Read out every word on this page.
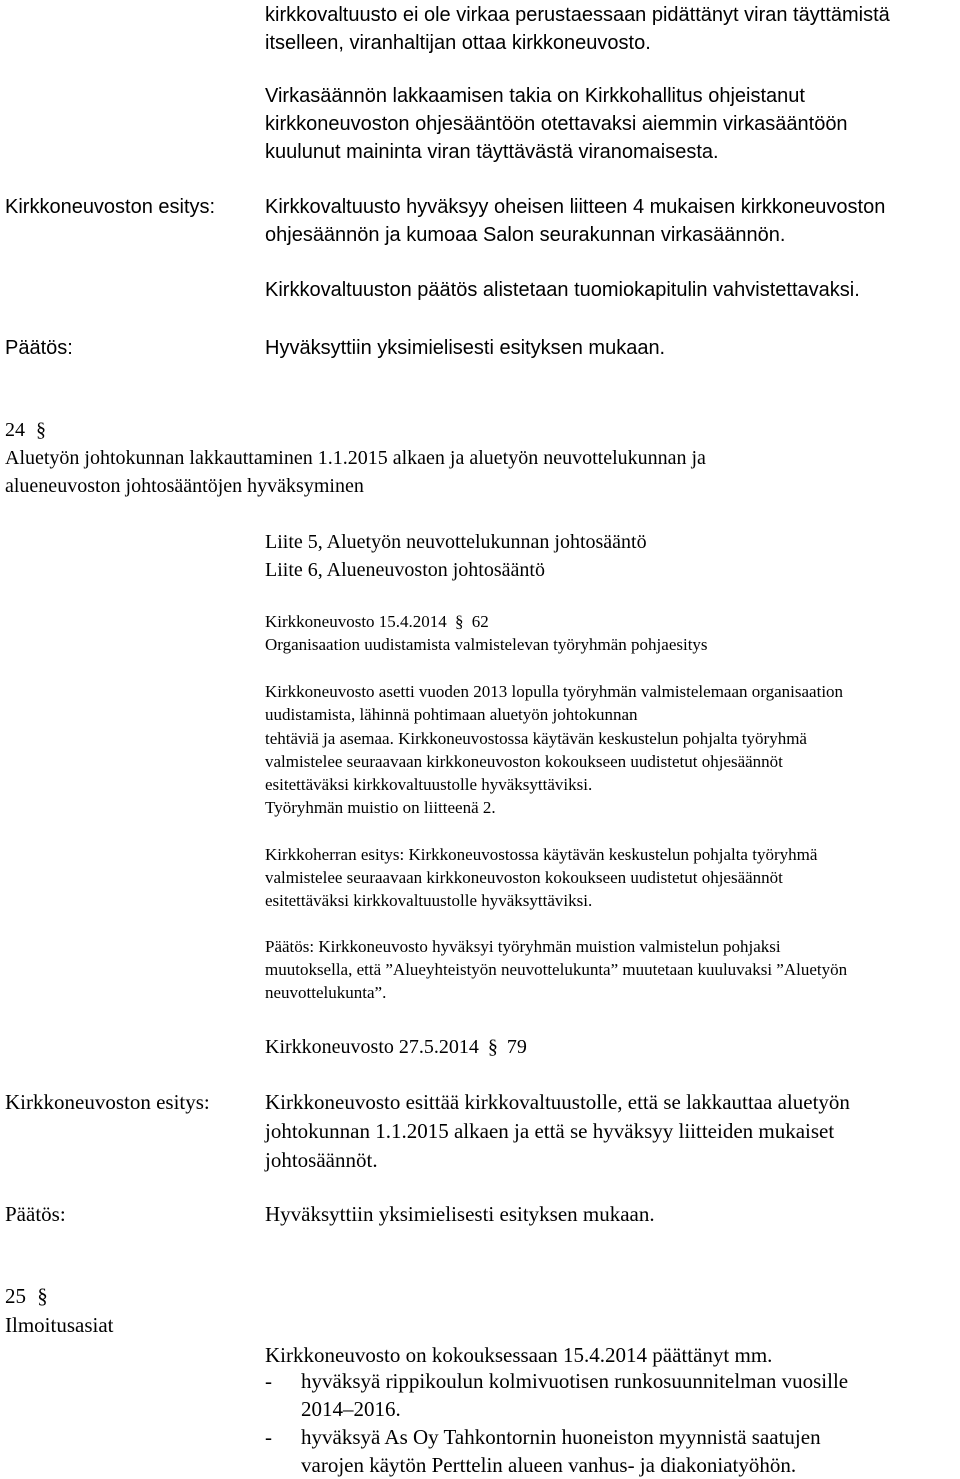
kirkkovaltuusto ei ole virkaa perustaessaan pidättänyt viran täyttämistä
itselleen, viranhaltijan ottaa kirkkoneuvosto.
Virkasäännön lakkaamisen takia on Kirkkohallitus ohjeistanut
kirkkoneuvoston ohjesääntöön otettavaksi aiemmin virkasääntöön
kuulunut maininta viran täyttävästä viranomaisesta.
Kirkkoneuvoston esitys: Kirkkovaltuusto hyväksyy oheisen liitteen 4 mukaisen kirkkoneuvoston
ohjesäännön ja kumoaa Salon seurakunnan virkasäännön.
Kirkkovaltuuston päätös alistetaan tuomiokapitulin vahvistettavaksi.
Päätös:	Hyväksyttiin yksimielisesti esityksen mukaan.
24 §
Aluetyön johtokunnan lakkauttaminen 1.1.2015 alkaen ja aluetyön neuvottelukunnan ja
alueneuvoston johtosääntöjen hyväksyminen
Liite 5, Aluetyön neuvottelukunnan johtosääntö
Liite 6, Alueneuvoston johtosääntö
Kirkkoneuvosto 15.4.2014 § 62
Organisaation uudistamista valmistelevan työryhmän pohjaesitys
Kirkkoneuvosto asetti vuoden 2013 lopulla työryhmän valmistelemaan organisaation
uudistamista, lähinnä pohtimaan aluetyön johtokunnan
tehtäviä ja asemaa. Kirkkoneuvostossa käytävän keskustelun pohjalta työryhmä
valmistelee seuraavaan kirkkoneuvoston kokoukseen uudistetut ohjesäännöt
esitettäväksi kirkkovaltuustolle hyväksyttäviksi.
Työryhmän muistio on liitteenä 2.
Kirkkoherran esitys: Kirkkoneuvostossa käytävän keskustelun pohjalta työryhmä
valmistelee seuraavaan kirkkoneuvoston kokoukseen uudistetut ohjesäännöt
esitettäväksi kirkkovaltuustolle hyväksyttäviksi.
Päätös: Kirkkoneuvosto hyväksyi työryhmän muistion valmistelun pohjaksi
muutoksella, että ”Alueyhteistyön neuvottelukunta” muutetaan kuuluvaksi ”Aluetyön
neuvottelukunta”.
Kirkkoneuvosto 27.5.2014 § 79
Kirkkoneuvoston esitys:	Kirkkoneuvosto esittää kirkkovaltuustolle, että se lakkauttaa aluetyön
johtokunnan 1.1.2015 alkaen ja että se hyväksyy liitteiden mukaiset
johtosäännöt.
Päätös:	Hyväksyttiin yksimielisesti esityksen mukaan.
25 §
Ilmoitusasiat
Kirkkoneuvosto on kokouksessaan 15.4.2014 päättänyt mm.
- hyväksyä rippikoulun kolmivuotisen runkosuunnitelman vuosille
2014–2016.
- hyväksyä As Oy Tahkontornin huoneiston myynnistä saatujen
varojen käytön Perttelin alueen vanhus- ja diakoniatyöhön.
